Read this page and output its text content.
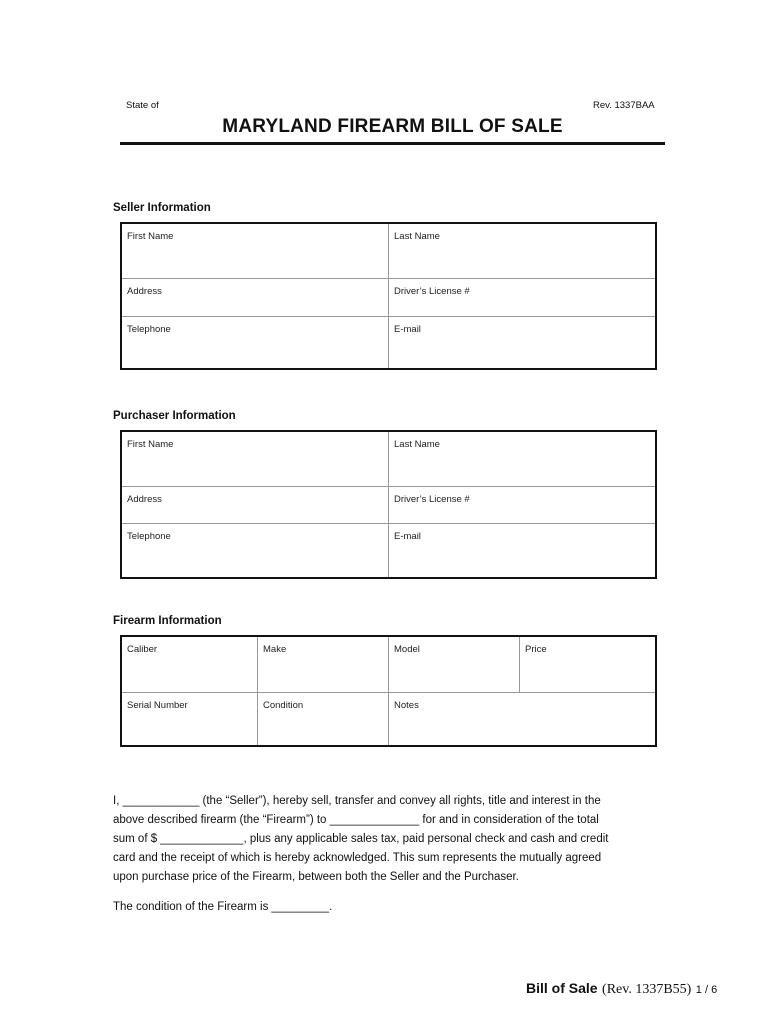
State of	Rev. 1337BAA
MARYLAND FIREARM BILL OF SALE
Seller Information
First Name	Last Name

Address	Driver’s License #

Telephone	E-mail
Purchaser Information
First Name	Last Name

Address	Driver’s License #

Telephone	E-mail
Firearm Information
Caliber	Make	Model	Price

Serial Number	Condition	Notes	
I, ____________ (the “Seller”), hereby sell, transfer and convey all rights, title and interest in the
above described firearm (the “Firearm”) to ______________ for and in consideration of the total
sum of $ _____________, plus any applicable sales tax, paid personal check and cash and credit
card and the receipt of which is hereby acknowledged. This sum represents the mutually agreed
upon purchase price of the Firearm, between both the Seller and the Purchaser.
The condition of the Firearm is _________.
Bill of Sale (Rev. 1337B55) 1 / 6
